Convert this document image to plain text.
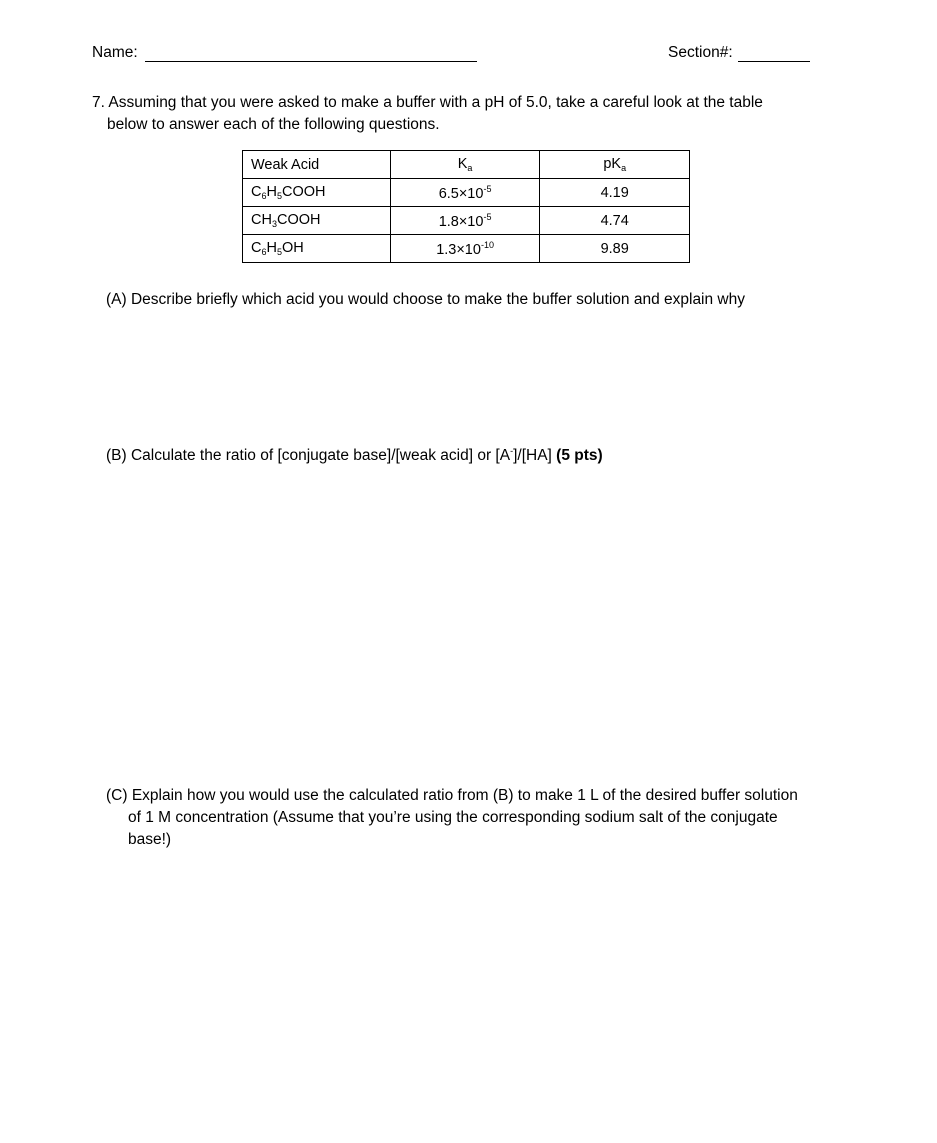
Name:	Section#:
7. Assuming that you were asked to make a buffer with a pH of 5.0, take a careful look at the table
below to answer each of the following questions.
Weak Acid	$K_a$	$pK_a$
$C_6H_5COOH$	$6.5\times 10^{-5}$	4.19
$CH_3COOH$	$1.8\times 10^{-5}$	4.74
$C_6H_5OH$	$1.3\times 10^{-10}$	9.89
(A) Describe briefly which acid you would choose to make the buffer solution and explain why
(B) Calculate the ratio of [conjugate base]/[weak acid] or [A-]/[HA] (5 pts)
(C) Explain how you would use the calculated ratio from (B) to make 1 L of the desired buffer solution
of 1 M concentration (Assume that you’re using the corresponding sodium salt of the conjugate
base!)
